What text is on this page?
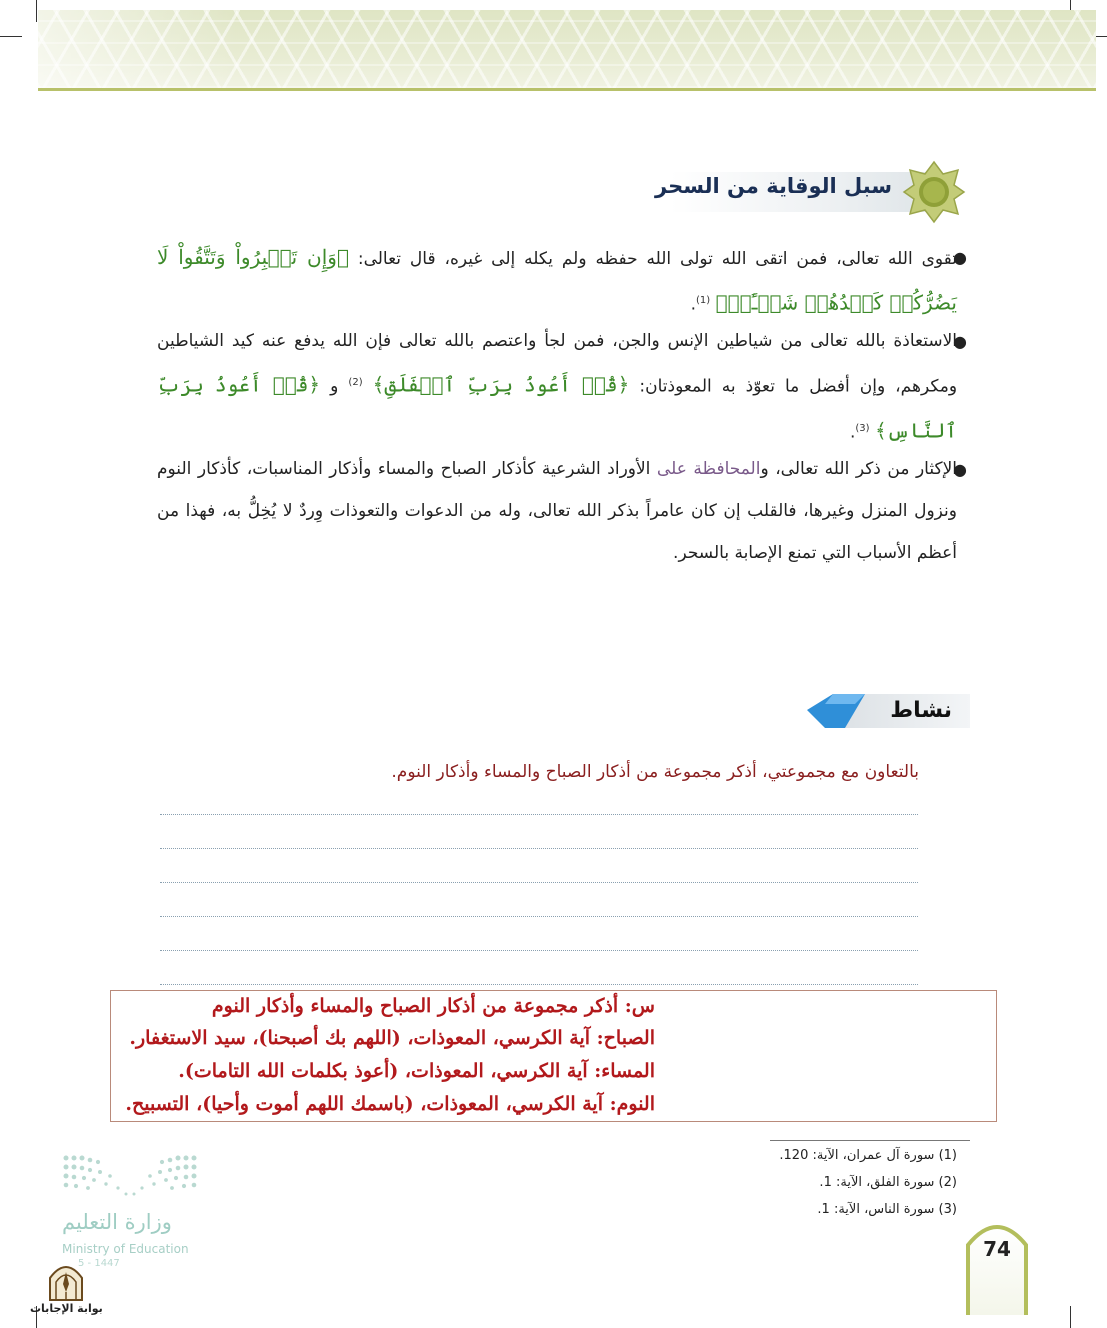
سبل الوقاية من السحر
●
تقوى الله تعالى، فمن اتقى الله تولى الله حفظه ولم يكله إلى غيره، قال تعالى: ﴿وَإِن تَصۡبِرُواْ وَتَتَّقُواْ لَا يَضُرُّكُمۡ كَيۡدُهُمۡ شَيۡـًٔاۗ﴾ $^{(1)}$.
●
الاستعاذة بالله تعالى من شياطين الإنس والجن، فمن لجأ واعتصم بالله تعالى فإن الله يدفع عنه كيد الشياطين ومكرهم، وإن أفضل ما تعوّذ به المعوذتان: ﴿قُلۡ أَعُوذُ بِرَبِّ ٱلۡفَلَقِ﴾ $^{(2)}$ و ﴿قُلۡ أَعُوذُ بِرَبِّ ٱلنَّاسِ﴾ $^{(3)}$.
●
الإكثار من ذكر الله تعالى، والمحافظة على الأوراد الشرعية كأذكار الصباح والمساء وأذكار المناسبات، كأذكار النوم ونزول المنزل وغيرها، فالقلب إن كان عامراً بذكر الله تعالى، وله من الدعوات والتعوذات وِردٌ لا يُخِلُّ به، فهذا من أعظم الأسباب التي تمنع الإصابة بالسحر.
نشاط
بالتعاون مع مجموعتي، أذكر مجموعة من أذكار الصباح والمساء وأذكار النوم.
س: أذكر مجموعة من أذكار الصباح والمساء وأذكار النوم
الصباح: آية الكرسي، المعوذات، (اللهم بك أصبحنا)، سيد الاستغفار.
المساء: آية الكرسي، المعوذات، (أعوذ بكلمات الله التامات).
النوم: آية الكرسي، المعوذات، (باسمك اللهم أموت وأحيا)، التسبيح.
(1) سورة آل عمران، الآية: 120.
(2) سورة الفلق، الآية: 1.
(3) سورة الناس، الآية: 1.
74
وزارة التعليم
Ministry of Education
5 - 1447
بوابة الإجابات
